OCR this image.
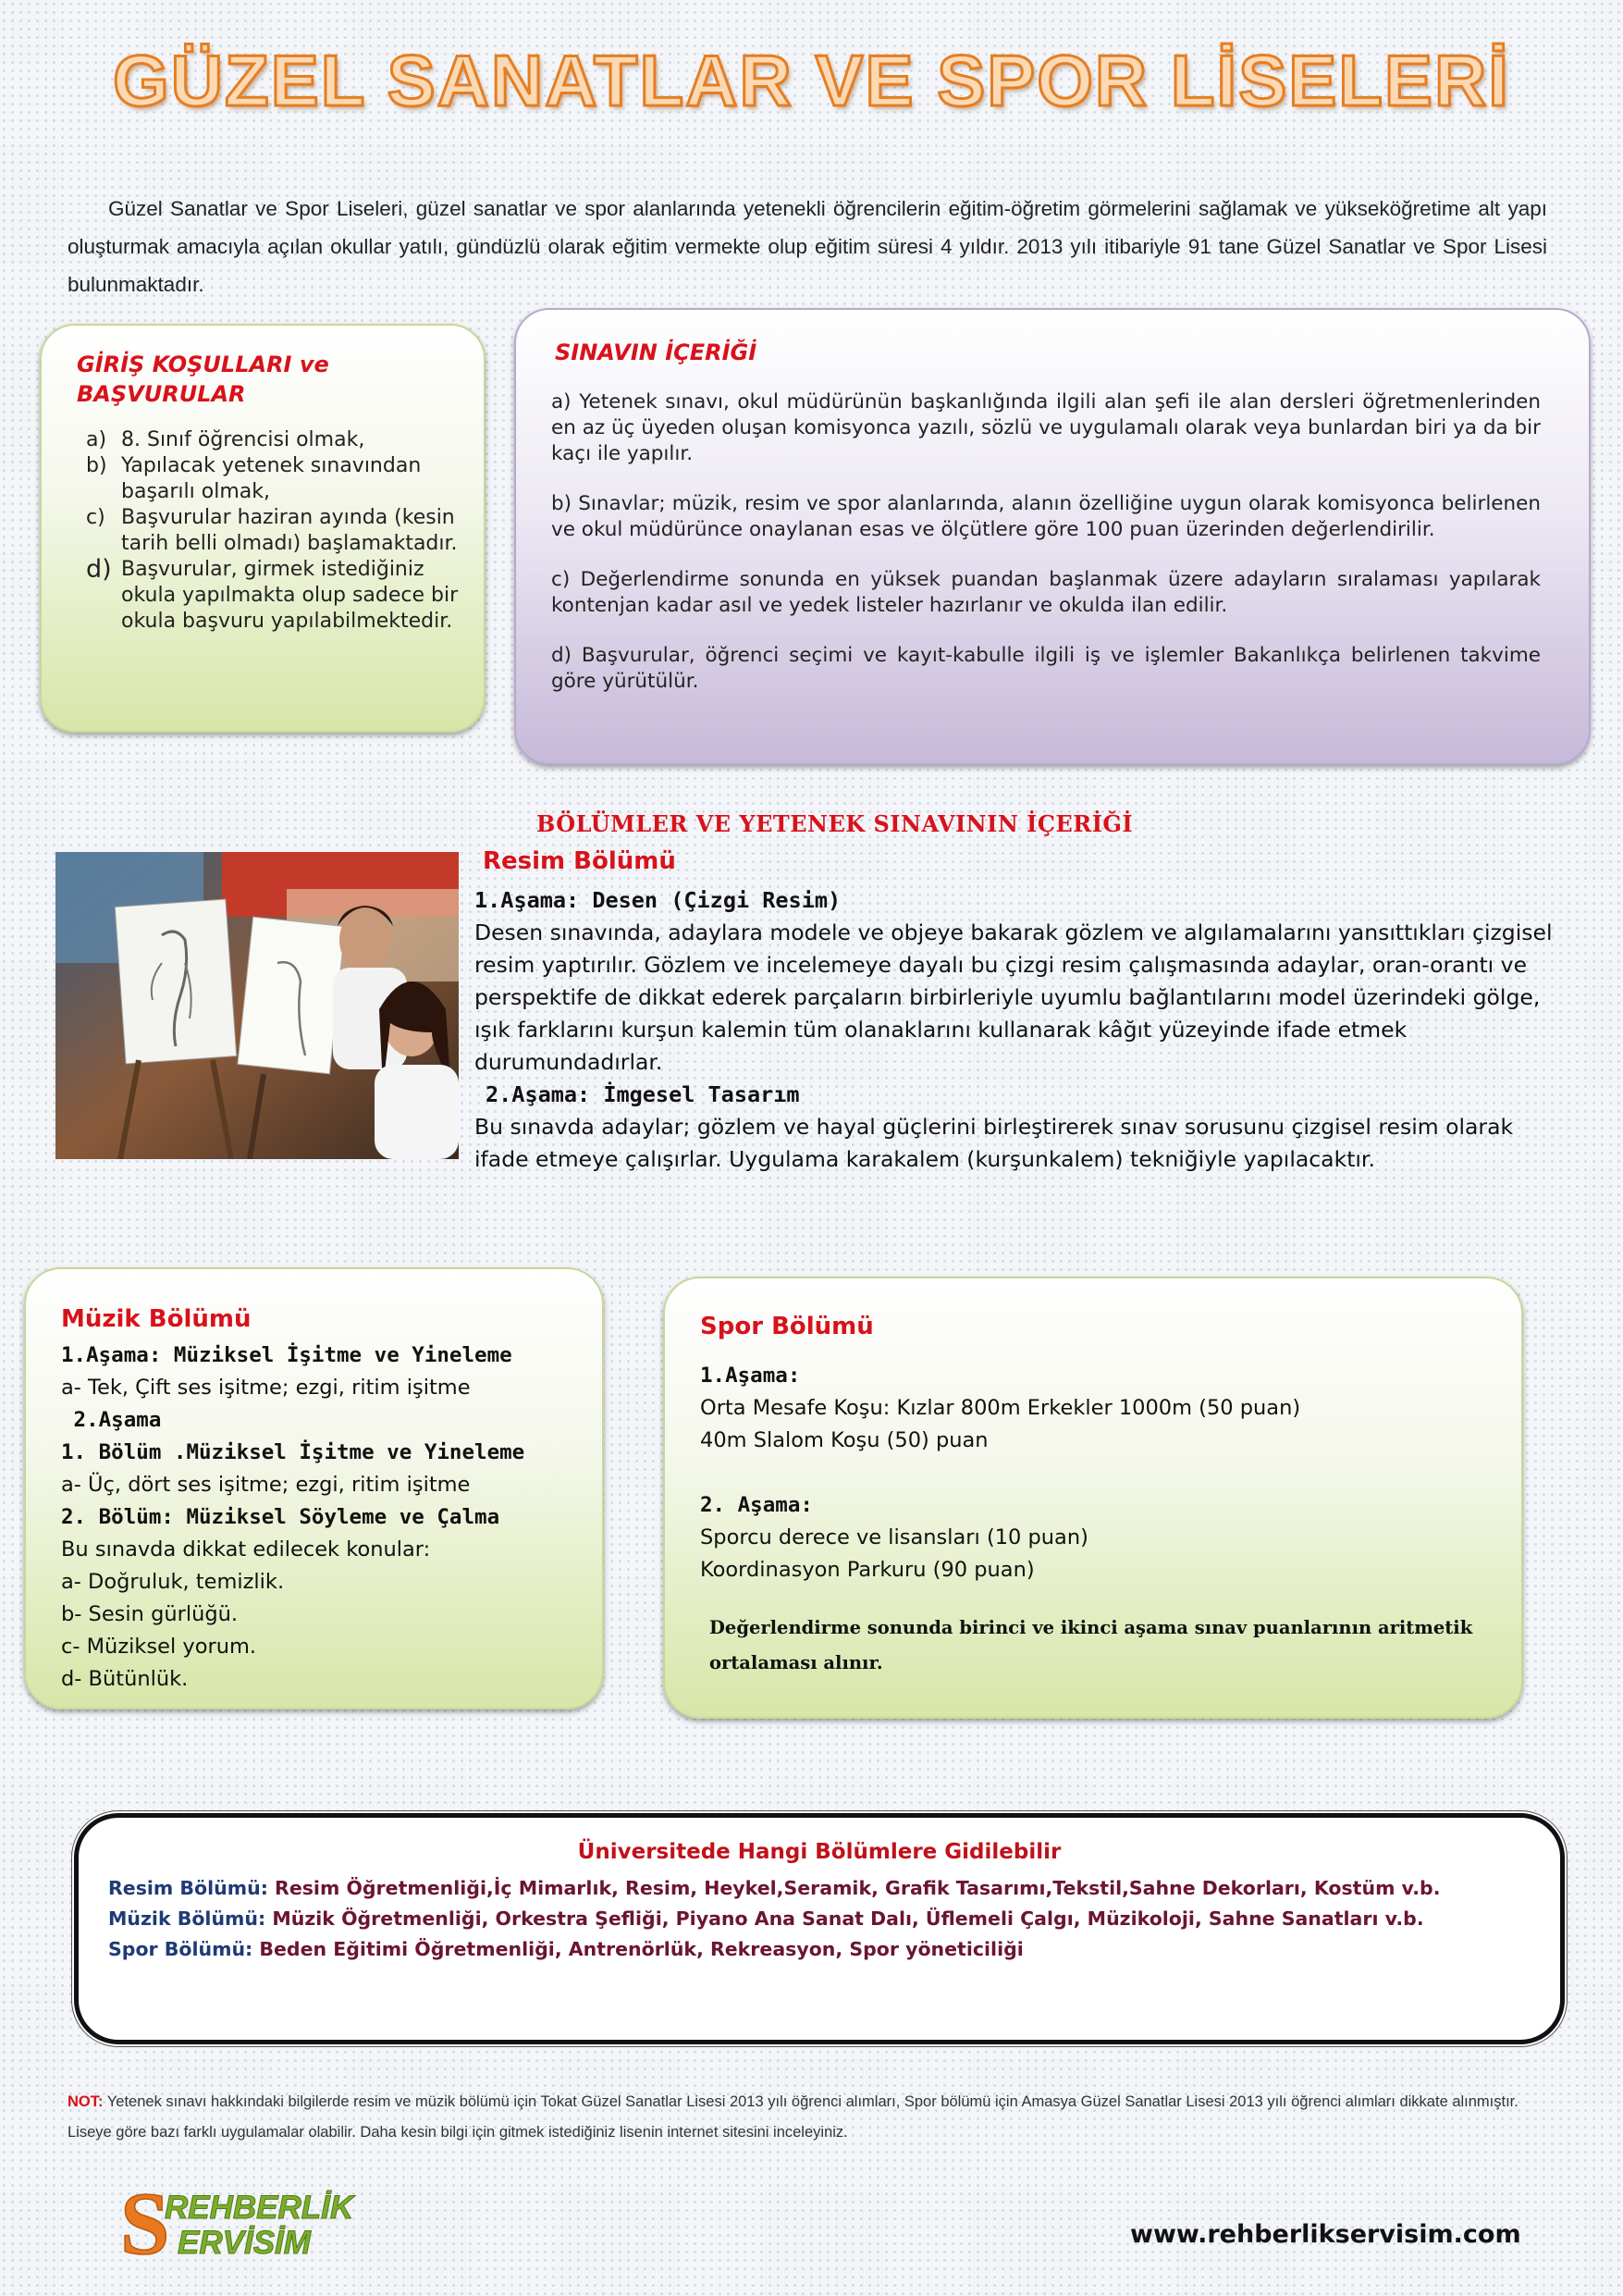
GÜZEL SANATLAR VE SPOR LİSELERİ
Güzel Sanatlar ve Spor Liseleri, güzel sanatlar ve spor alanlarında yetenekli öğrencilerin eğitim-öğretim görmelerini sağlamak ve yükseköğretime alt yapı oluşturmak amacıyla açılan okullar yatılı, gündüzlü olarak eğitim vermekte olup eğitim süresi 4 yıldır. 2013 yılı itibariyle 91 tane Güzel Sanatlar ve Spor Lisesi bulunmaktadır.
GİRİŞ KOŞULLARI ve BAŞVURULAR
a) 8. Sınıf öğrencisi olmak,
b) Yapılacak yetenek sınavından başarılı olmak,
c) Başvurular haziran ayında (kesin tarih belli olmadı) başlamaktadır.
d) Başvurular, girmek istediğiniz okula yapılmakta olup sadece bir okula başvuru yapılabilmektedir.
SINAVIN İÇERİĞİ

a) Yetenek sınavı, okul müdürünün başkanlığında ilgili alan şefi ile alan dersleri öğretmenlerinden en az üç üyeden oluşan komisyonca yazılı, sözlü ve uygulamalı olarak veya bunlardan biri ya da bir kaçı ile yapılır.

b) Sınavlar; müzik, resim ve spor alanlarında, alanın özelliğine uygun olarak komisyonca belirlenen ve okul müdürünce onaylanan esas ve ölçütlere göre 100 puan üzerinden değerlendirilir.

c) Değerlendirme sonunda en yüksek puandan başlanmak üzere adayların sıralaması yapılarak kontenjan kadar asıl ve yedek listeler hazırlanır ve okulda ilan edilir.

d) Başvurular, öğrenci seçimi ve kayıt-kabulle ilgili iş ve işlemler Bakanlıkça belirlenen takvime göre yürütülür.

BÖLÜMLER VE YETENEK SINAVININ İÇERİĞİ
Resim Bölümü
1.Aşama: Desen (Çizgi Resim)
Desen sınavında, adaylara modele ve objeye bakarak gözlem ve algılamalarını yansıttıkları çizgisel
resim yaptırılır. Gözlem ve incelemeye dayalı bu çizgi resim çalışmasında adaylar, oran-orantı ve
perspektife de dikkat ederek parçaların birbirleriyle uyumlu bağlantılarını model üzerindeki gölge,
ışık farklarını kurşun kalemin tüm olanaklarını kullanarak kâğıt yüzeyinde ifade etmek
durumundadırlar.
2.Aşama: İmgesel Tasarım
Bu sınavda adaylar; gözlem ve hayal güçlerini birleştirerek sınav sorusunu çizgisel resim olarak
ifade etmeye çalışırlar. Uygulama karakalem (kurşunkalem) tekniğiyle yapılacaktır.
Müzik Bölümü
1.Aşama: Müziksel İşitme ve Yineleme
a- Tek, Çift ses işitme; ezgi, ritim işitme
2.Aşama
1. Bölüm .Müziksel İşitme ve Yineleme
a- Üç, dört ses işitme; ezgi, ritim işitme
2. Bölüm: Müziksel Söyleme ve Çalma
Bu sınavda dikkat edilecek konular:
a- Doğruluk, temizlik.
b- Sesin gürlüğü.
c- Müziksel yorum.
d- Bütünlük.
Spor Bölümü
1.Aşama:
Orta Mesafe Koşu: Kızlar 800m Erkekler 1000m (50 puan)
40m Slalom Koşu (50) puan
2. Aşama:
Sporcu derece ve lisansları (10 puan)
Koordinasyon Parkuru (90 puan)
Değerlendirme sonunda birinci ve ikinci aşama sınav puanlarının aritmetik ortalaması alınır.
Üniversitede Hangi Bölümlere Gidilebilir
Resim Bölümü: Resim Öğretmenliği,İç Mimarlık, Resim, Heykel,Seramik, Grafik Tasarımı,Tekstil,Sahne Dekorları, Kostüm v.b.
Müzik Bölümü: Müzik Öğretmenliği, Orkestra Şefliği, Piyano Ana Sanat Dalı, Üflemeli Çalgı, Müzikoloji, Sahne Sanatları v.b.
Spor Bölümü: Beden Eğitimi Öğretmenliği, Antrenörlük, Rekreasyon, Spor yöneticiliği
NOT: Yetenek sınavı hakkındaki bilgilerde resim ve müzik bölümü için Tokat Güzel Sanatlar Lisesi 2013 yılı öğrenci alımları, Spor bölümü için Amasya Güzel Sanatlar Lisesi 2013 yılı öğrenci alımları dikkate alınmıştır. Liseye göre bazı farklı uygulamalar olabilir. Daha kesin bilgi için gitmek istediğiniz lisenin internet sitesini inceleyiniz.
S
REHBERLİK
ERVİSİM	www.rehberlikservisim.com
